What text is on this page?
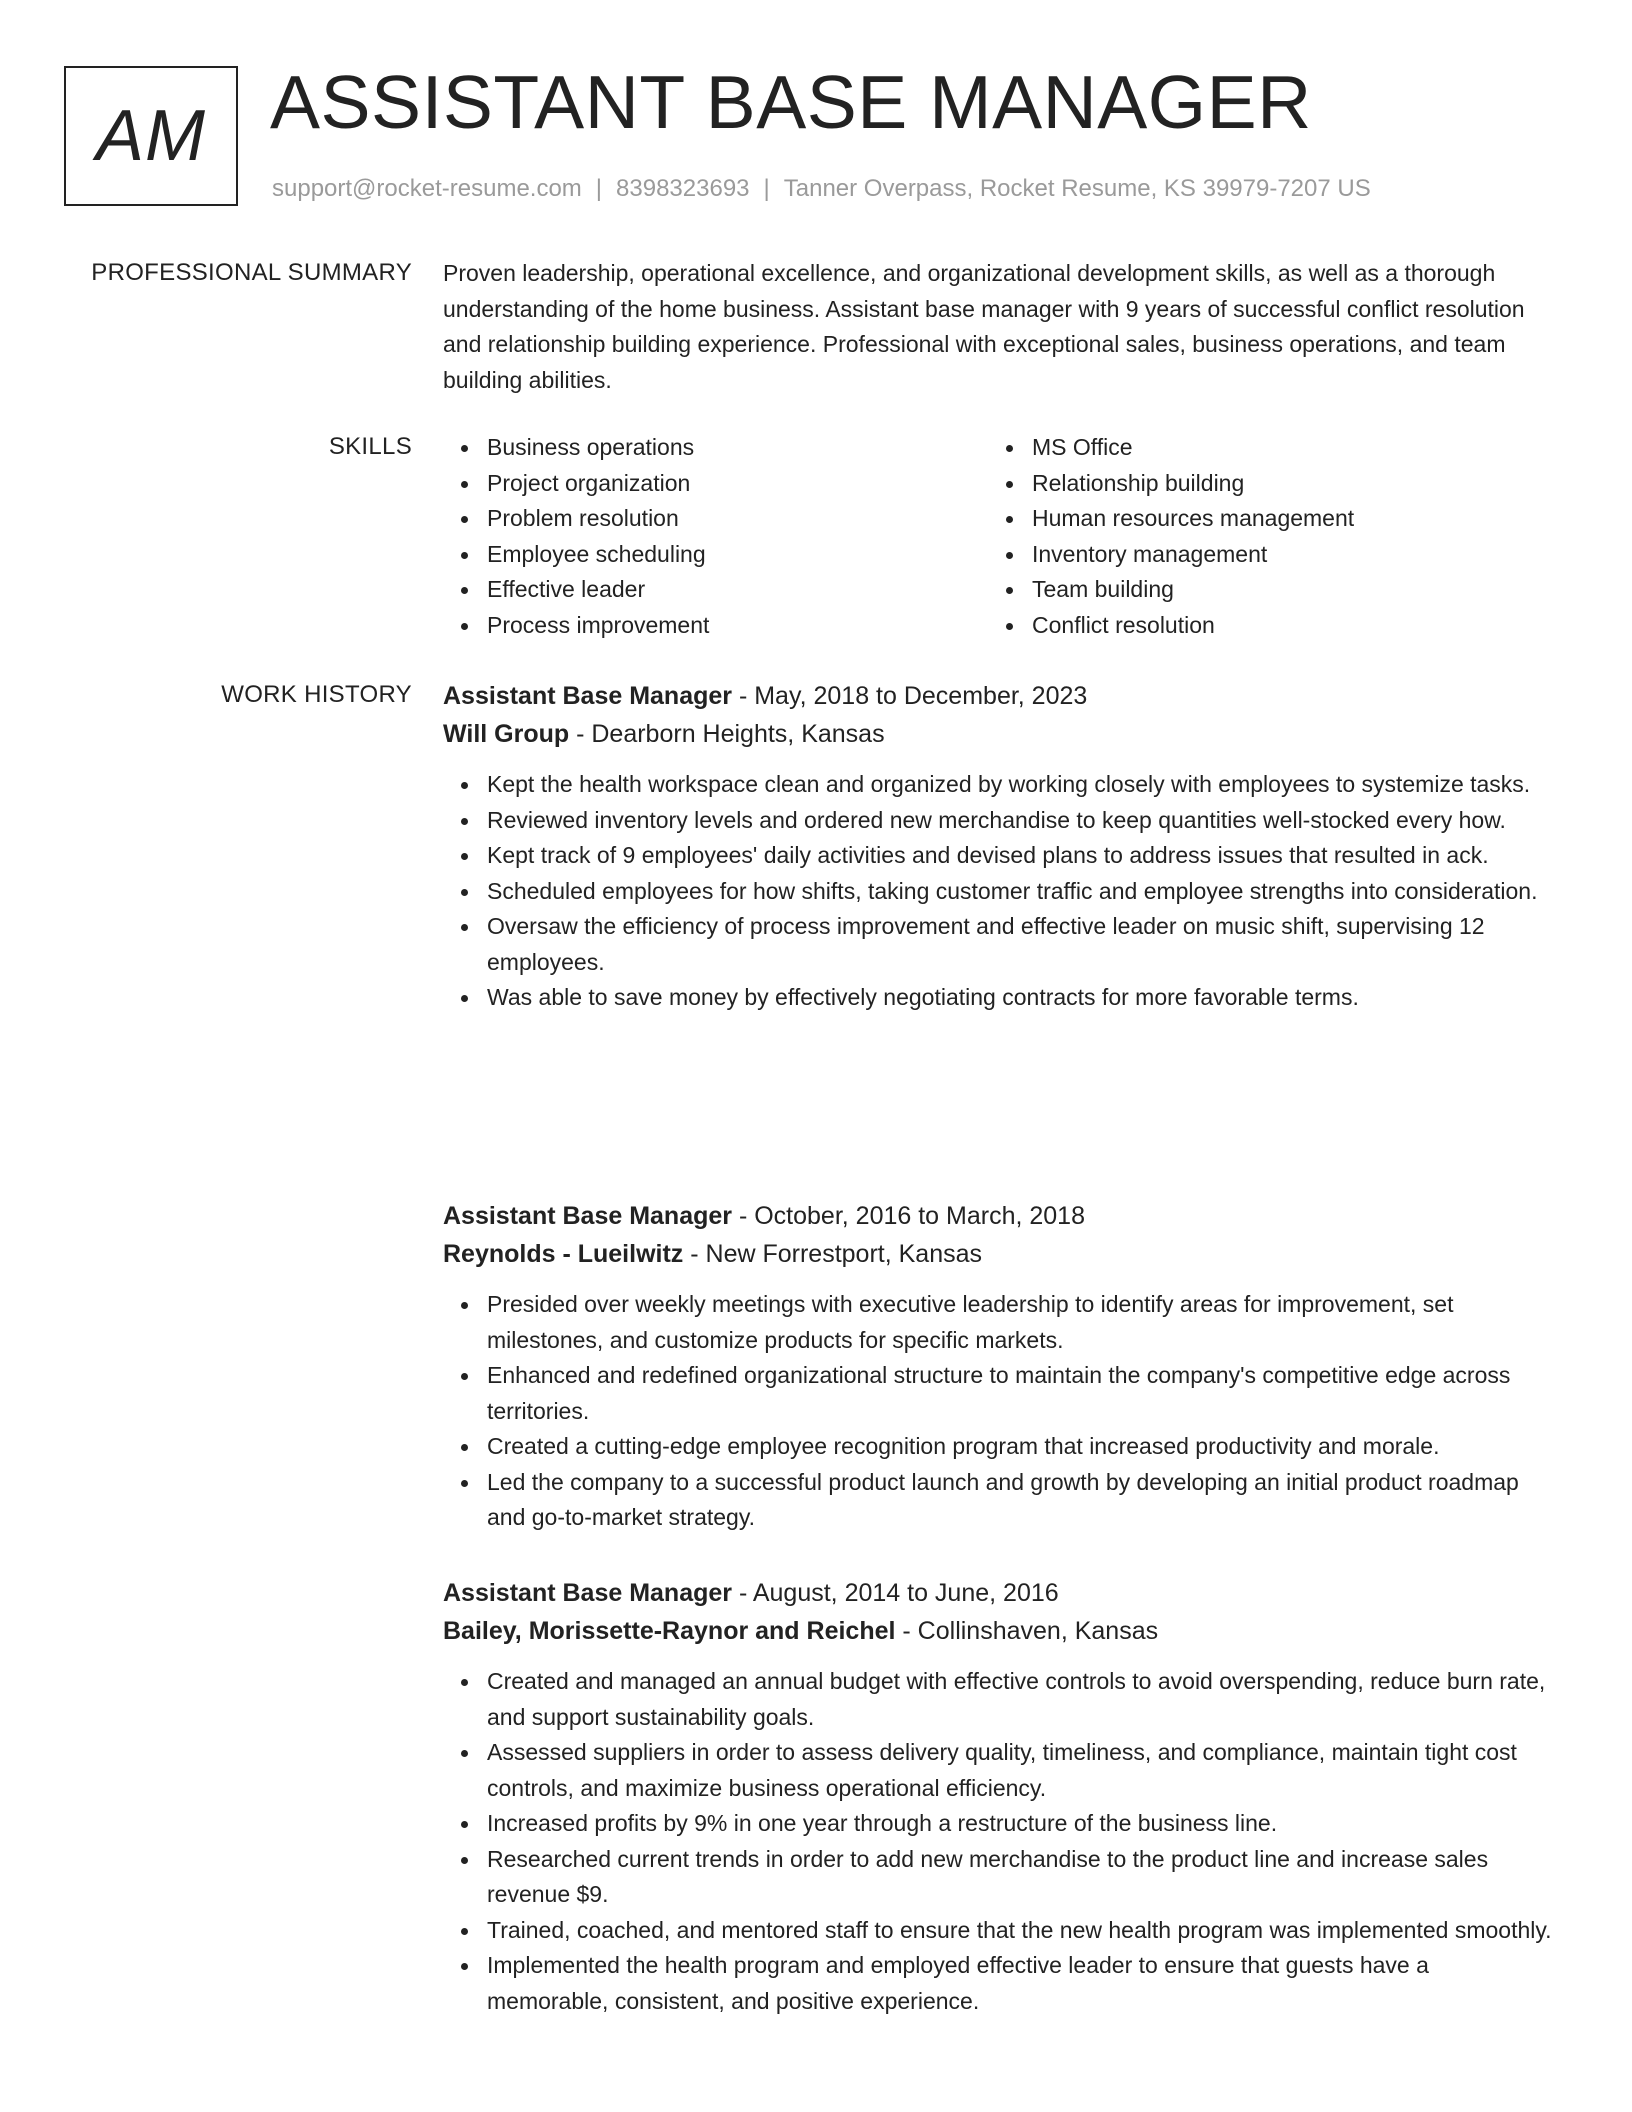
AM ASSISTANT BASE MANAGER
support@rocket-resume.com | 8398323693 | Tanner Overpass, Rocket Resume, KS 39979-7207 US
PROFESSIONAL SUMMARY Proven leadership, operational excellence, and organizational development skills, as well as a thorough understanding of the home business. Assistant base manager with 9 years of successful conflict resolution and relationship building experience. Professional with exceptional sales, business operations, and team building abilities.

SKILLS	Business operations
Project organization
Problem resolution
Employee scheduling
Effective leader
Process improvement
MS Office
Relationship building
Human resources management
Inventory management
Team building
Conflict resolution
WORK HISTORY Assistant Base Manager - May, 2018 to December, 2023
Will Group - Dearborn Heights, Kansas
Kept the health workspace clean and organized by working closely with employees to systemize tasks.
Reviewed inventory levels and ordered new merchandise to keep quantities well-stocked every how.
Kept track of 9 employees' daily activities and devised plans to address issues that resulted in ack.
Scheduled employees for how shifts, taking customer traffic and employee strengths into consideration.
Oversaw the efficiency of process improvement and effective leader on music shift, supervising 12 employees.
Was able to save money by effectively negotiating contracts for more favorable terms.
Assistant Base Manager - October, 2016 to March, 2018
Reynolds - Lueilwitz - New Forrestport, Kansas
Presided over weekly meetings with executive leadership to identify areas for improvement, set milestones, and customize products for specific markets.
Enhanced and redefined organizational structure to maintain the company's competitive edge across territories.
Created a cutting-edge employee recognition program that increased productivity and morale.
Led the company to a successful product launch and growth by developing an initial product roadmap and go-to-market strategy.
Assistant Base Manager - August, 2014 to June, 2016
Bailey, Morissette-Raynor and Reichel - Collinshaven, Kansas
Created and managed an annual budget with effective controls to avoid overspending, reduce burn rate, and support sustainability goals.
Assessed suppliers in order to assess delivery quality, timeliness, and compliance, maintain tight cost controls, and maximize business operational efficiency.
Increased profits by 9% in one year through a restructure of the business line.
Researched current trends in order to add new merchandise to the product line and increase sales revenue $9.
Trained, coached, and mentored staff to ensure that the new health program was implemented smoothly.
Implemented the health program and employed effective leader to ensure that guests have a memorable, consistent, and positive experience.
